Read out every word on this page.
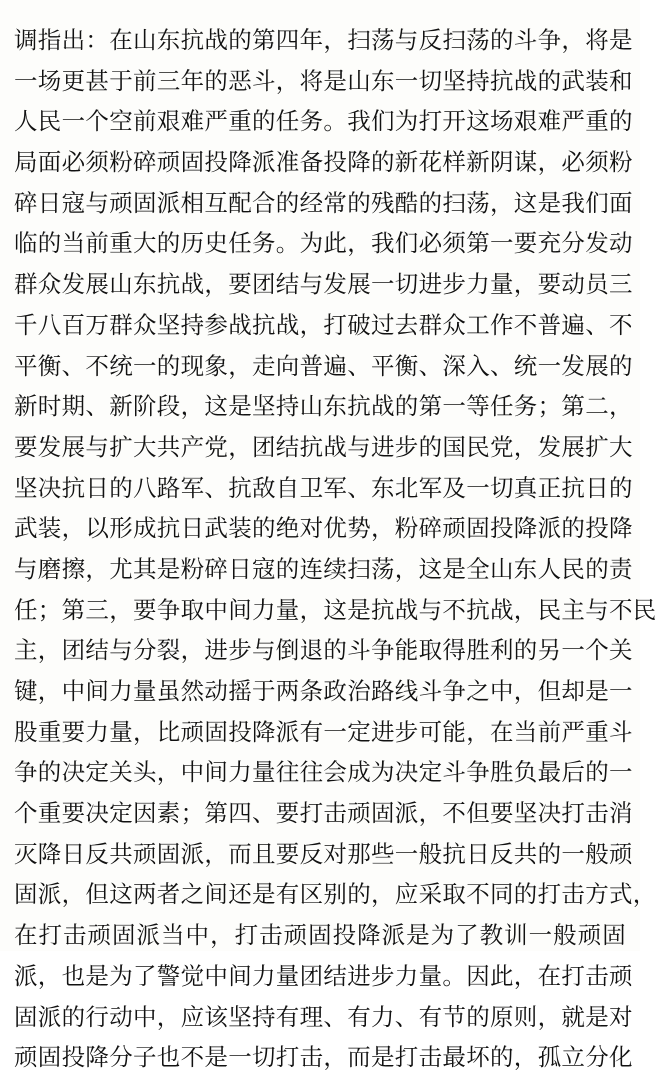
调指出：在山东抗战的第四年，扫荡与反扫荡的斗争，将是
一场更甚于前三年的恶斗，将是山东一切坚持抗战的武装和
人民一个空前艰难严重的任务。我们为打开这场艰难严重的
局面必须粉碎顽固投降派准备投降的新花样新阴谋，必须粉
碎日寇与顽固派相互配合的经常的残酷的扫荡，这是我们面
临的当前重大的历史任务。为此，我们必须第一要充分发动
群众发展山东抗战，要团结与发展一切进步力量，要动员三
千八百万群众坚持参战抗战，打破过去群众工作不普遍、不
平衡、不统一的现象，走向普遍、平衡、深入、统一发展的
新时期、新阶段，这是坚持山东抗战的第一等任务；第二，
要发展与扩大共产党，团结抗战与进步的国民党，发展扩大
坚决抗日的八路军、抗敌自卫军、东北军及一切真正抗日的
武装，以形成抗日武装的绝对优势，粉碎顽固投降派的投降
与磨擦，尤其是粉碎日寇的连续扫荡，这是全山东人民的责
任；第三，要争取中间力量，这是抗战与不抗战，民主与不民
主，团结与分裂，进步与倒退的斗争能取得胜利的另一个关
键，中间力量虽然动摇于两条政治路线斗争之中，但却是一
股重要力量，比顽固投降派有一定进步可能，在当前严重斗
争的决定关头，中间力量往往会成为决定斗争胜负最后的一
个重要决定因素；第四、要打击顽固派，不但要坚决打击消
灭降日反共顽固派，而且要反对那些一般抗日反共的一般顽
固派，但这两者之间还是有区别的，应采取不同的打击方式，
在打击顽固派当中，打击顽固投降派是为了教训一般顽固
派，也是为了警觉中间力量团结进步力量。因此，在打击顽
固派的行动中，应该坚持有理、有力、有节的原则，就是对
顽固投降分子也不是一切打击，而是打击最坏的，孤立分化
